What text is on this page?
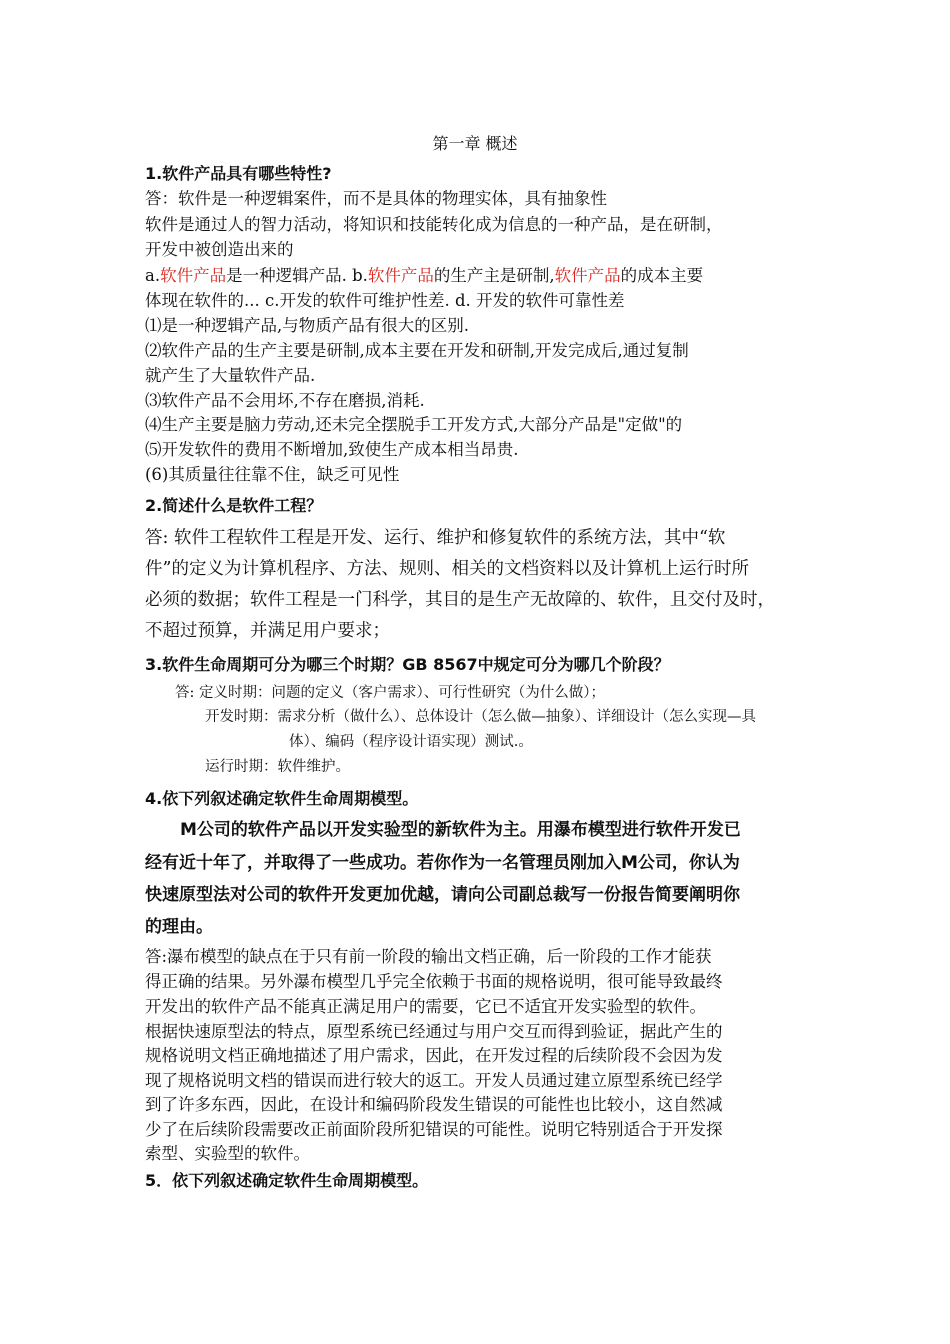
第一章 概述
1.软件产品具有哪些特性?
答：软件是一种逻辑案件，而不是具体的物理实体，具有抽象性
软件是通过人的智力活动，将知识和技能转化成为信息的一种产品，是在研制，
开发中被创造出来的
a.软件产品是一种逻辑产品. b.软件产品的生产主是研制,软件产品的成本主要
体现在软件的... c.开发的软件可维护性差. d. 开发的软件可靠性差
⑴是一种逻辑产品,与物质产品有很大的区别.
⑵软件产品的生产主要是研制,成本主要在开发和研制,开发完成后,通过复制
就产生了大量软件产品.
⑶软件产品不会用坏,不存在磨损,消耗.
⑷生产主要是脑力劳动,还未完全摆脱手工开发方式,大部分产品是"定做"的
⑸开发软件的费用不断增加,致使生产成本相当昂贵.
(6)其质量往往靠不住，缺乏可见性
2.简述什么是软件工程？
答: 软件工程软件工程是开发、运行、维护和修复软件的系统方法，其中“软
件”的定义为计算机程序、方法、规则、相关的文档资料以及计算机上运行时所
必须的数据；软件工程是一门科学，其目的是生产无故障的、软件，且交付及时，
不超过预算，并满足用户要求；
3.软件生命周期可分为哪三个时期？GB 8567中规定可分为哪几个阶段？
答: 定义时期：问题的定义（客户需求）、可行性研究（为什么做）；
开发时期：需求分析（做什么）、总体设计（怎么做—抽象）、详细设计（怎么实现—具
体）、编码（程序设计语实现）测试.。
运行时期：软件维护。
4.依下列叙述确定软件生命周期模型。
M公司的软件产品以开发实验型的新软件为主。用瀑布模型进行软件开发已
经有近十年了，并取得了一些成功。若你作为一名管理员刚加入M公司，你认为
快速原型法对公司的软件开发更加优越，请向公司副总裁写一份报告简要阐明你
的理由。
答:瀑布模型的缺点在于只有前一阶段的输出文档正确，后一阶段的工作才能获
得正确的结果。另外瀑布模型几乎完全依赖于书面的规格说明，很可能导致最终
开发出的软件产品不能真正满足用户的需要，它已不适宜开发实验型的软件。
根据快速原型法的特点，原型系统已经通过与用户交互而得到验证，据此产生的
规格说明文档正确地描述了用户需求，因此，在开发过程的后续阶段不会因为发
现了规格说明文档的错误而进行较大的返工。开发人员通过建立原型系统已经学
到了许多东西，因此，在设计和编码阶段发生错误的可能性也比较小，这自然减
少了在后续阶段需要改正前面阶段所犯错误的可能性。说明它特别适合于开发探
索型、实验型的软件。
5．依下列叙述确定软件生命周期模型。
